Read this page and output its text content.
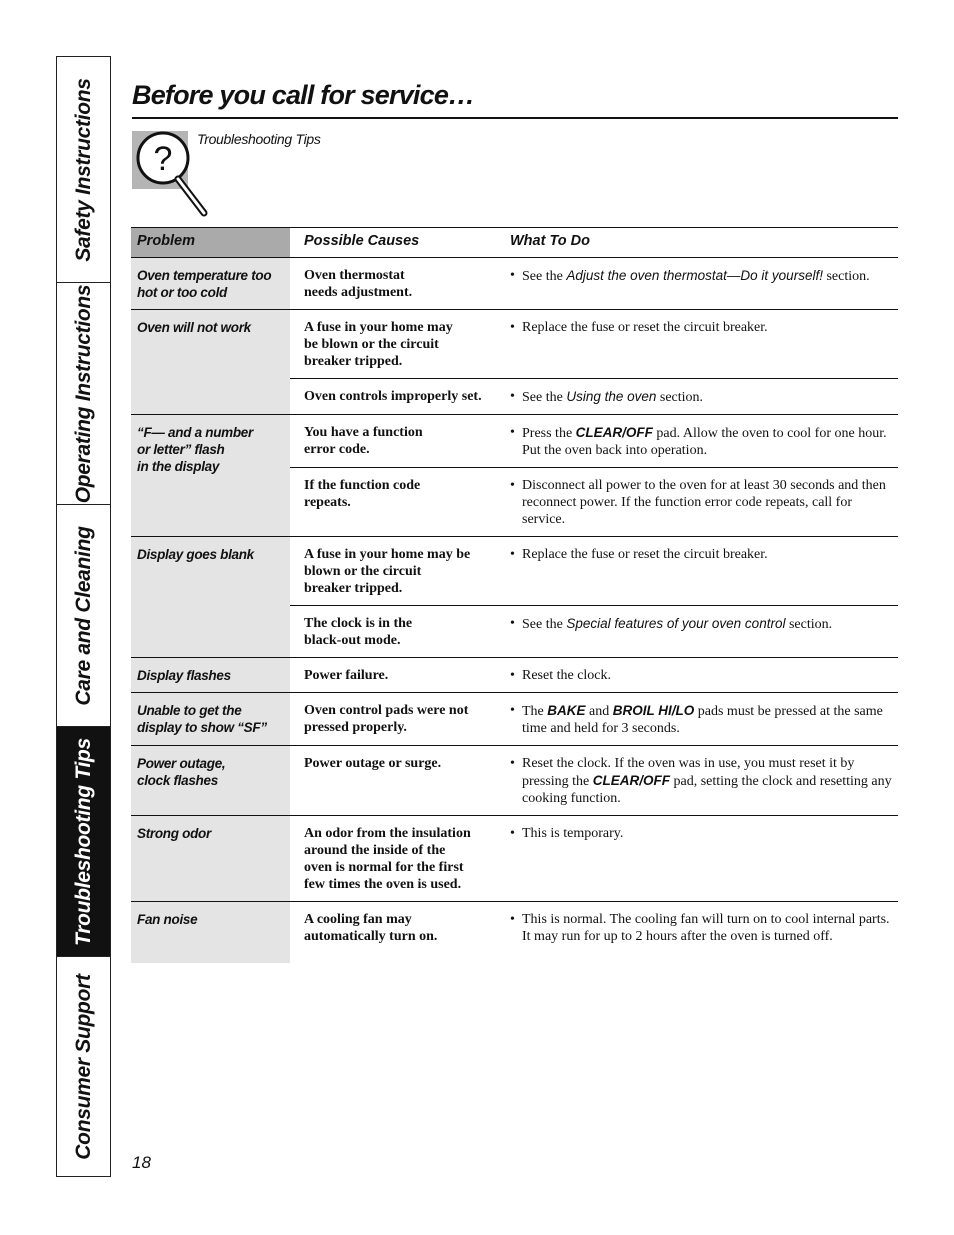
Safety Instructions
Operating Instructions
Care and Cleaning
Troubleshooting Tips
Consumer Support
Before you call for service…
?
Troubleshooting Tips
Problem	Possible Causes	What To Do
Oven temperature too
hot or too cold	Oven thermostat
needs adjustment.	• See the Adjust the oven thermostat—Do it yourself! section.

Oven will not work	A fuse in your home may
be blown or the circuit
breaker tripped.	• Replace the fuse or reset the circuit breaker.

	Oven controls improperly set.	• See the Using the oven section.

“F— and a number
or letter” flash
in the display	You have a function
error code.	• Press the CLEAR/OFF pad. Allow the oven to cool for one hour. Put the oven back into operation.

	If the function code
repeats.	• Disconnect all power to the oven for at least 30 seconds and then reconnect power. If the function error code repeats, call for service.

Display goes blank	A fuse in your home may be
blown or the circuit
breaker tripped.	• Replace the fuse or reset the circuit breaker.

	The clock is in the
black-out mode.	• See the Special features of your oven control section.

Display flashes	Power failure.	• Reset the clock.

Unable to get the
display to show “SF”	Oven control pads were not
pressed properly.	• The BAKE and BROIL HI/LO pads must be pressed at the same time and held for 3 seconds.

Power outage,
clock flashes	Power outage or surge.	• Reset the clock. If the oven was in use, you must reset it by pressing the CLEAR/OFF pad, setting the clock and resetting any cooking function.

Strong odor	An odor from the insulation
around the inside of the
oven is normal for the first
few times the oven is used.	• This is temporary.

Fan noise	A cooling fan may
automatically turn on.	• This is normal. The cooling fan will turn on to cool internal parts. It may run for up to 2 hours after the oven is turned off.
18
